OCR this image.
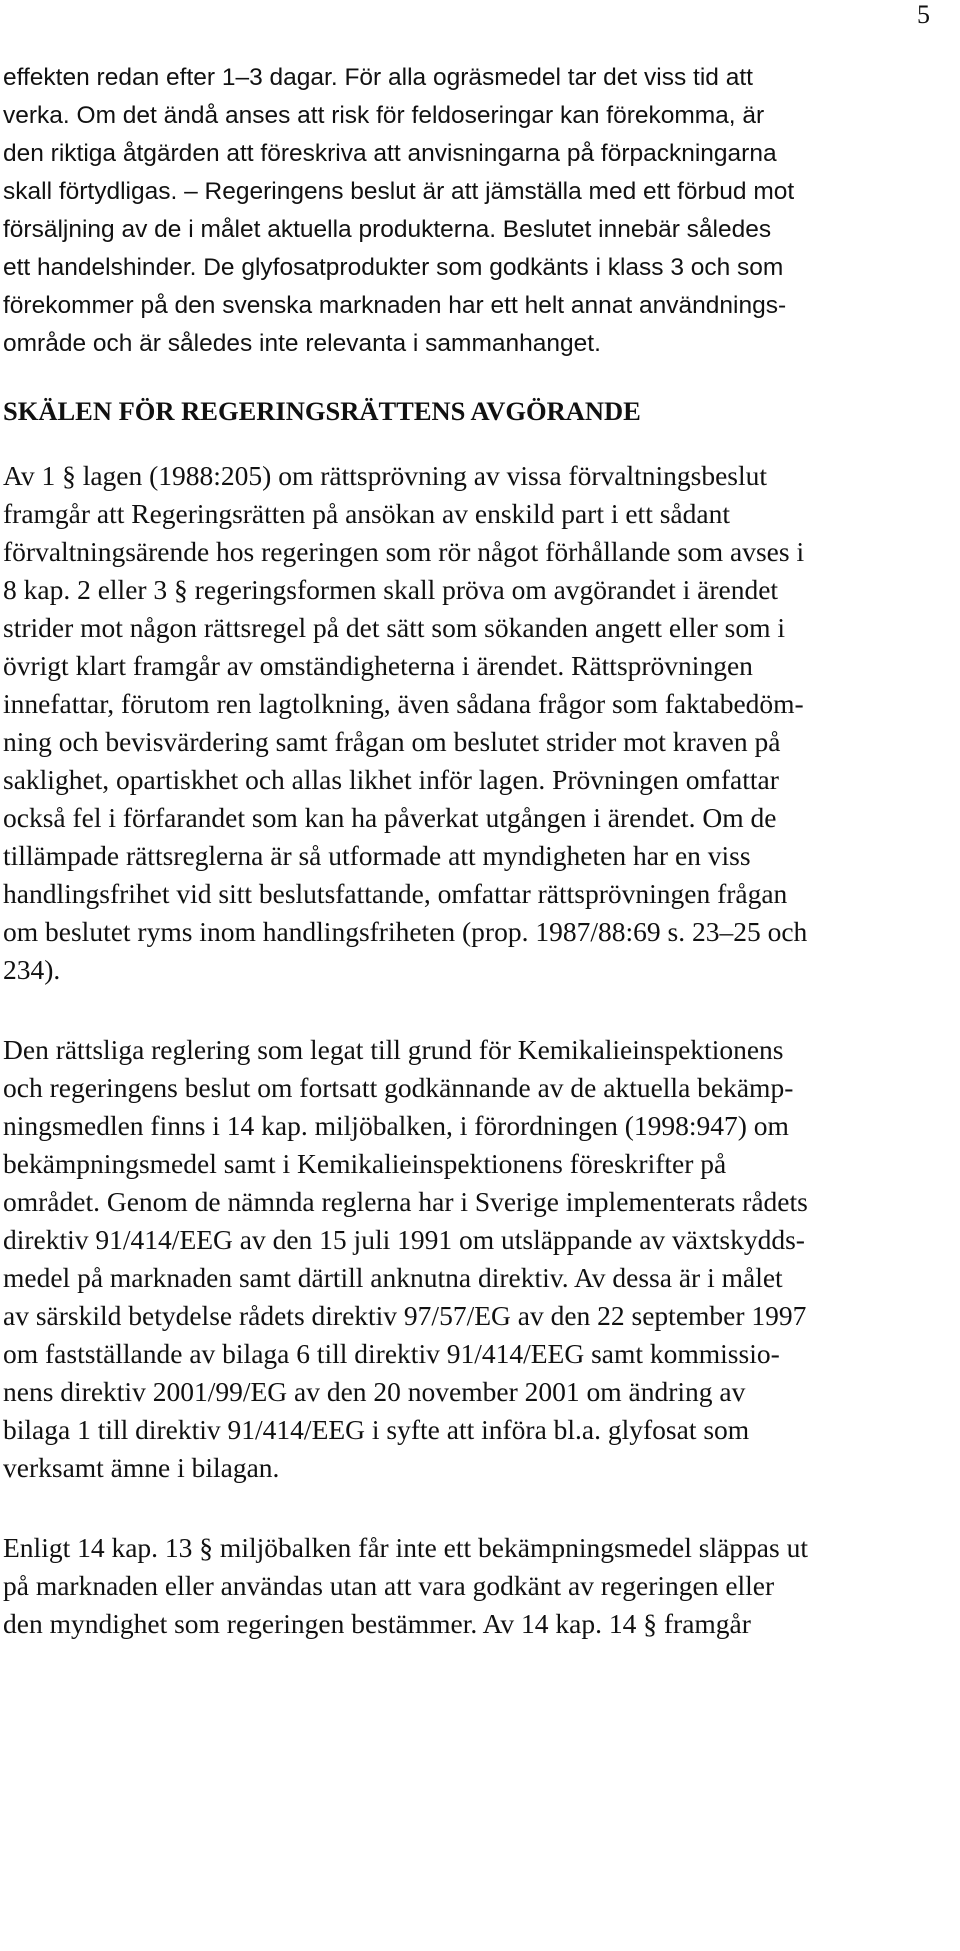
5
effekten redan efter 1–3 dagar. För alla ogräsmedel tar det viss tid att
verka. Om det ändå anses att risk för feldoseringar kan förekomma, är
den riktiga åtgärden att föreskriva att anvisningarna på förpackningarna
skall förtydligas. – Regeringens beslut är att jämställa med ett förbud mot
försäljning av de i målet aktuella produkterna. Beslutet innebär således
ett handelshinder. De glyfosatprodukter som godkänts i klass 3 och som
förekommer på den svenska marknaden har ett helt annat användnings-
område och är således inte relevanta i sammanhanget.
SKÄLEN FÖR REGERINGSRÄTTENS AVGÖRANDE
Av 1 § lagen (1988:205) om rättsprövning av vissa förvaltningsbeslut
framgår att Regeringsrätten på ansökan av enskild part i ett sådant
förvaltningsärende hos regeringen som rör något förhållande som avses i
8 kap. 2 eller 3 § regeringsformen skall pröva om avgörandet i ärendet
strider mot någon rättsregel på det sätt som sökanden angett eller som i
övrigt klart framgår av omständigheterna i ärendet. Rättsprövningen
innefattar, förutom ren lagtolkning, även sådana frågor som faktabedöm-
ning och bevisvärdering samt frågan om beslutet strider mot kraven på
saklighet, opartiskhet och allas likhet inför lagen. Prövningen omfattar
också fel i förfarandet som kan ha påverkat utgången i ärendet. Om de
tillämpade rättsreglerna är så utformade att myndigheten har en viss
handlingsfrihet vid sitt beslutsfattande, omfattar rättsprövningen frågan
om beslutet ryms inom handlingsfriheten (prop. 1987/88:69 s. 23–25 och
234).
Den rättsliga reglering som legat till grund för Kemikalieinspektionens
och regeringens beslut om fortsatt godkännande av de aktuella bekämp-
ningsmedlen finns i 14 kap. miljöbalken, i förordningen (1998:947) om
bekämpningsmedel samt i Kemikalieinspektionens föreskrifter på
området. Genom de nämnda reglerna har i Sverige implementerats rådets
direktiv 91/414/EEG av den 15 juli 1991 om utsläppande av växtskydds-
medel på marknaden samt därtill anknutna direktiv. Av dessa är i målet
av särskild betydelse rådets direktiv 97/57/EG av den 22 september 1997
om fastställande av bilaga 6 till direktiv 91/414/EEG samt kommissio-
nens direktiv 2001/99/EG av den 20 november 2001 om ändring av
bilaga 1 till direktiv 91/414/EEG i syfte att införa bl.a. glyfosat som
verksamt ämne i bilagan.
Enligt 14 kap. 13 § miljöbalken får inte ett bekämpningsmedel släppas ut
på marknaden eller användas utan att vara godkänt av regeringen eller
den myndighet som regeringen bestämmer. Av 14 kap. 14 § framgår
